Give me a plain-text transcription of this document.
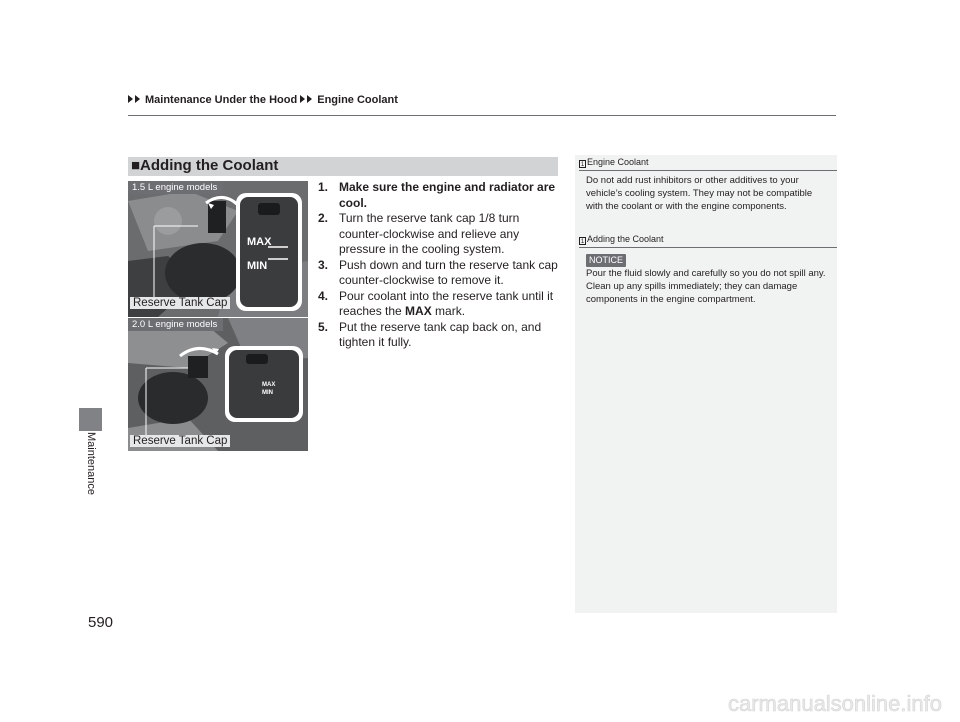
Maintenance Under the Hood Engine Coolant
Maintenance
■Adding the Coolant
MAX
MIN
1.5 L engine models
Reserve Tank Cap
MAX
MIN
2.0 L engine models
Reserve Tank Cap
1. Make sure the engine and radiator are cool.
2. Turn the reserve tank cap 1/8 turn counter-clockwise and relieve any pressure in the cooling system.
3. Push down and turn the reserve tank cap counter-clockwise to remove it.
4. Pour coolant into the reserve tank until it reaches the MAX mark.
5. Put the reserve tank cap back on, and tighten it fully.
1 Engine Coolant
Do not add rust inhibitors or other additives to your vehicle’s cooling system. They may not be compatible with the coolant or with the engine components.
1 Adding the Coolant
NOTICE
Pour the fluid slowly and carefully so you do not spill any. Clean up any spills immediately; they can damage components in the engine compartment.
590
carmanualsonline.info
